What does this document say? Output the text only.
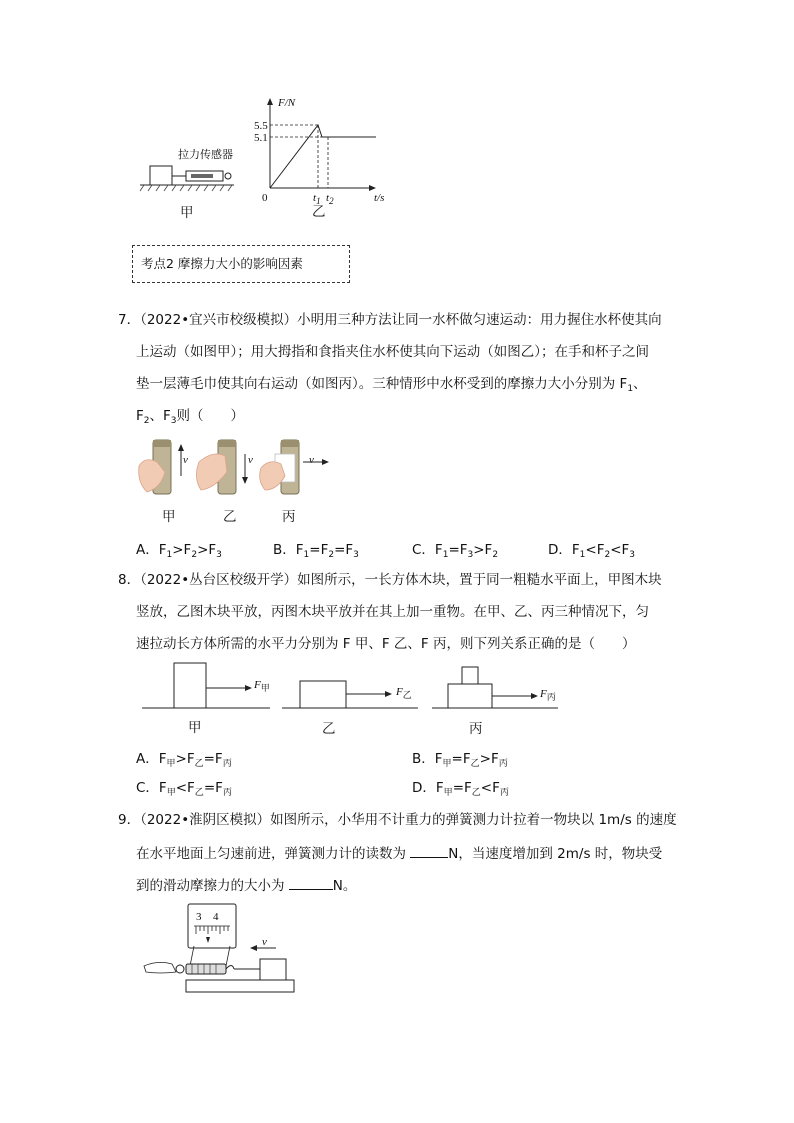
拉力传感器
甲
F/N
5.5
5.1
0	$t_1$ $t_2$	t/s
乙
考点2 摩擦力大小的影响因素
7．（2022•宜兴市校级模拟）小明用三种方法让同一水杯做匀速运动：用力握住水杯使其向
上运动（如图甲）；用大拇指和食指夹住水杯使其向下运动（如图乙）；在手和杯子之间
垫一层薄毛巾使其向右运动（如图丙）。三种情形中水杯受到的摩擦力大小分别为 $F_1$、
$F_2$、$F_3$则（　　）
v	v	v
甲	乙	丙
A．$F_1>F_2>F_3$	B．$F_1=F_2=F_3$	C．$F_1=F_3>F_2$	D．$F_1<F_2<F_3$
8．（2022•丛台区校级开学）如图所示，一长方体木块，置于同一粗糙水平面上，甲图木块
竖放，乙图木块平放，丙图木块平放并在其上加一重物。在甲、乙、丙三种情况下，匀
速拉动长方体所需的水平力分别为 F 甲、F 乙、F 丙，则下列关系正确的是（　　）
$F_甲$	$F_乙$	$F_丙$
甲	乙	丙
A．$F_甲>F_乙=F_丙$	B．$F_甲=F_乙>F_丙$
C．$F_甲<F_乙=F_丙$	D．$F_甲=F_乙<F_丙$
9．（2022•淮阴区模拟）如图所示，小华用不计重力的弹簧测力计拉着一物块以 1m/s 的速度
在水平地面上匀速前进，弹簧测力计的读数为	N，当速度增加到 2m/s 时，物块受
到的滑动摩擦力的大小为	N。
3 4
v
